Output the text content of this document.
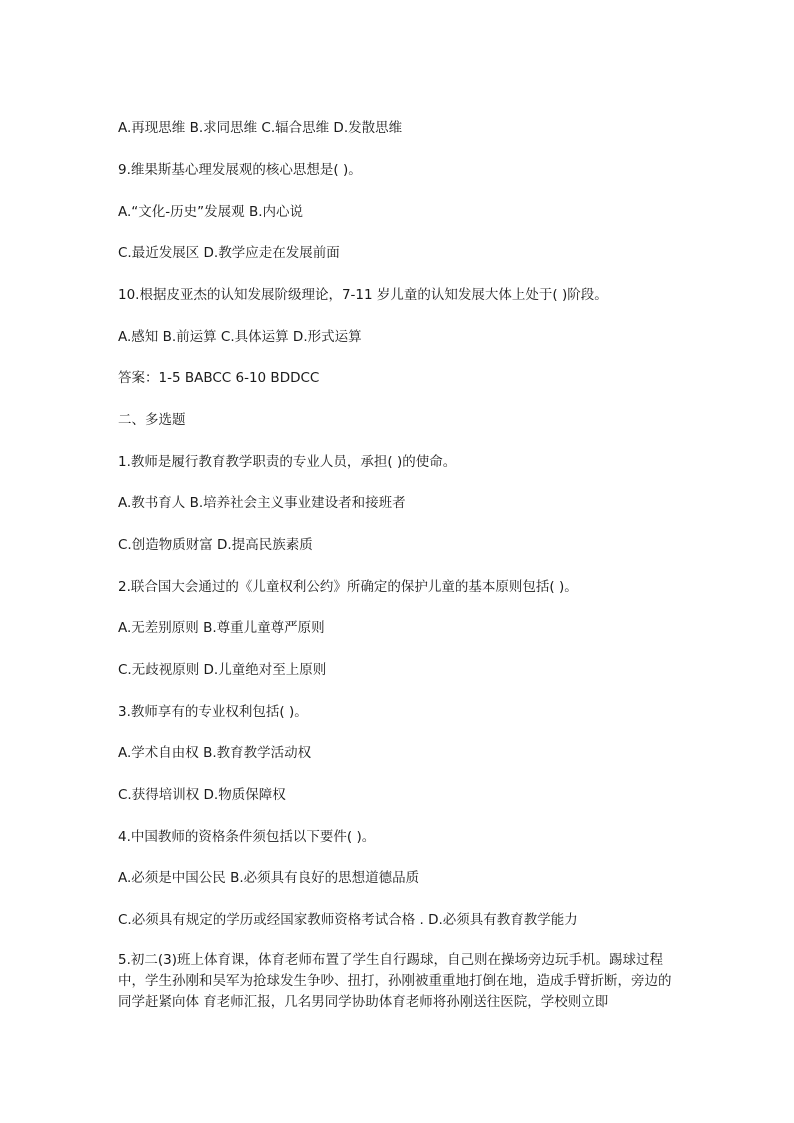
A.再现思维 B.求同思维 C.辐合思维 D.发散思维
9.维果斯基心理发展观的核心思想是( )。
A.“文化-历史”发展观 B.内心说
C.最近发展区 D.教学应走在发展前面
10.根据皮亚杰的认知发展阶级理论，7-11 岁儿童的认知发展大体上处于( )阶段。
A.感知 B.前运算 C.具体运算 D.形式运算
答案：1-5 BABCC 6-10 BDDCC
二、多选题
1.教师是履行教育教学职责的专业人员，承担( )的使命。
A.教书育人 B.培养社会主义事业建设者和接班者
C.创造物质财富 D.提高民族素质
2.联合国大会通过的《儿童权利公约》所确定的保护儿童的基本原则包括( )。
A.无差别原则 B.尊重儿童尊严原则
C.无歧视原则 D.儿童绝对至上原则
3.教师享有的专业权利包括( )。
A.学术自由权 B.教育教学活动权
C.获得培训权 D.物质保障权
4.中国教师的资格条件须包括以下要件( )。
A.必须是中国公民 B.必须具有良好的思想道德品质
C.必须具有规定的学历或经国家教师资格考试合格 . D.必须具有教育教学能力
5.初二(3)班上体育课，体育老师布置了学生自行踢球，自己则在操场旁边玩手机。踢球过程中，学生孙刚和吴军为抢球发生争吵、扭打，孙刚被重重地打倒在地，造成手臂折断，旁边的同学赶紧向体 育老师汇报，几名男同学协助体育老师将孙刚送往医院，学校则立即
